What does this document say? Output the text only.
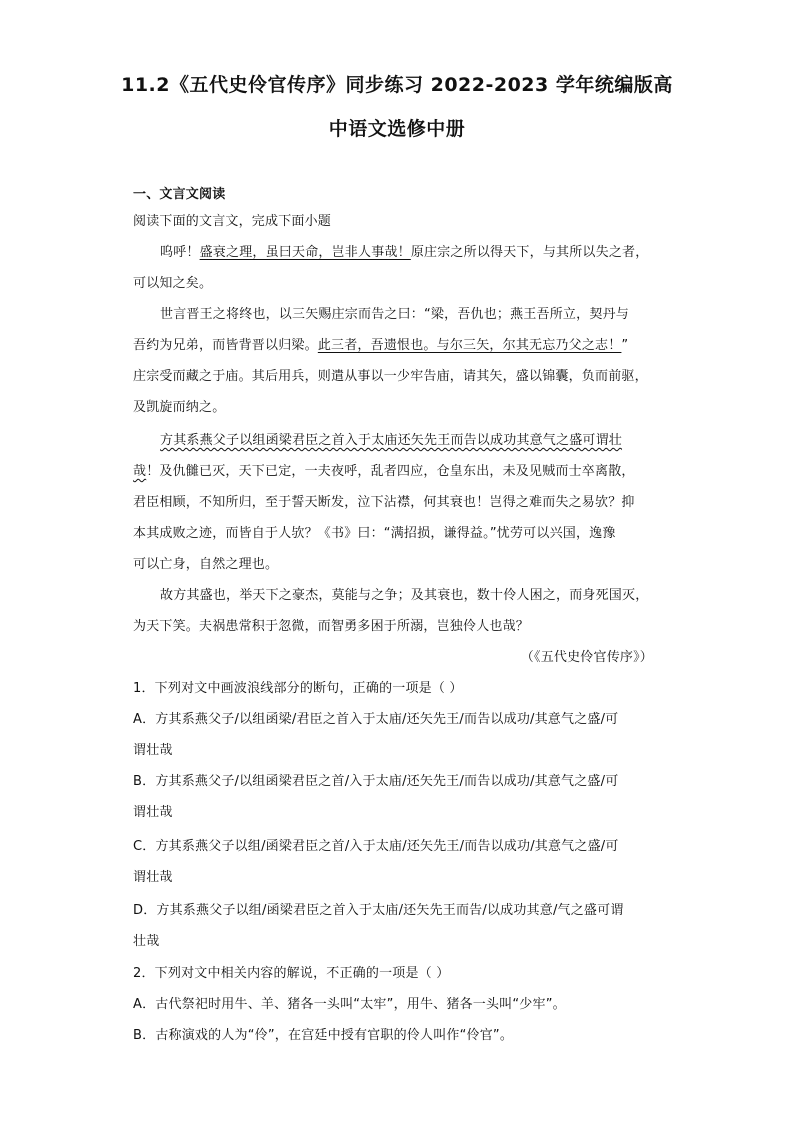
11.2《五代史伶官传序》同步练习 2022-2023 学年统编版高
中语文选修中册
一、文言文阅读
阅读下面的文言文，完成下面小题
呜呼！盛衰之理，虽曰天命，岂非人事哉！原庄宗之所以得天下，与其所以失之者，
可以知之矣。
世言晋王之将终也，以三矢赐庄宗而告之曰：“梁，吾仇也；燕王吾所立，契丹与
吾约为兄弟，而皆背晋以归梁。此三者，吾遗恨也。与尔三矢，尔其无忘乃父之志！”
庄宗受而藏之于庙。其后用兵，则遣从事以一少牢告庙，请其矢，盛以锦囊，负而前驱，
及凯旋而纳之。
方其系燕父子以组函梁君臣之首入于太庙还矢先王而告以成功其意气之盛可谓壮
哉！及仇雠已灭，天下已定，一夫夜呼，乱者四应，仓皇东出，未及见贼而士卒离散，
君臣相顾，不知所归，至于誓天断发，泣下沾襟，何其衰也！岂得之难而失之易欤？抑
本其成败之迹，而皆自于人欤？《书》曰：“满招损，谦得益。”忧劳可以兴国，逸豫
可以亡身，自然之理也。
故方其盛也，举天下之豪杰，莫能与之争；及其衰也，数十伶人困之，而身死国灭，
为天下笑。夫祸患常积于忽微，而智勇多困于所溺，岂独伶人也哉？
（《五代史伶官传序》）
1．下列对文中画波浪线部分的断句，正确的一项是（ ）
A．方其系燕父子/以组函梁/君臣之首入于太庙/还矢先王/而告以成功/其意气之盛/可
谓壮哉
B．方其系燕父子/以组函梁君臣之首/入于太庙/还矢先王/而告以成功/其意气之盛/可
谓壮哉
C．方其系燕父子以组/函梁君臣之首/入于太庙/还矢先王/而告以成功/其意气之盛/可
谓壮哉
D．方其系燕父子以组/函梁君臣之首入于太庙/还矢先王而告/以成功其意/气之盛可谓
壮哉
2．下列对文中相关内容的解说，不正确的一项是（ ）
A．古代祭祀时用牛、羊、猪各一头叫“太牢”，用牛、猪各一头叫“少牢”。
B．古称演戏的人为“伶”，在宫廷中授有官职的伶人叫作“伶官”。
